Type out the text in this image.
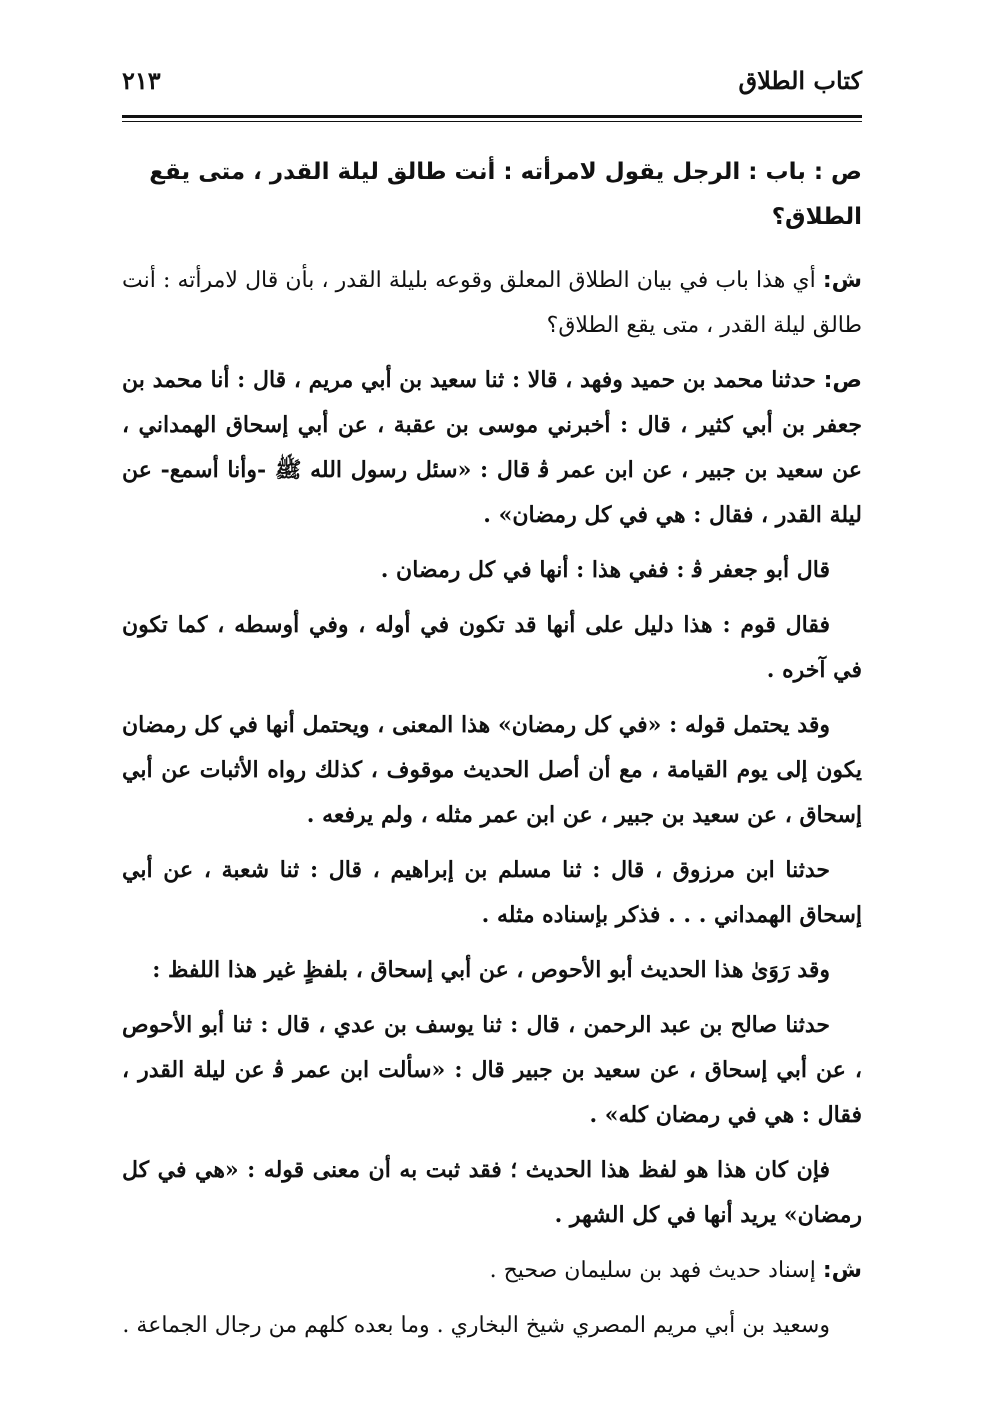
كتاب الطلاق
٢١٣

ص : باب : الرجل يقول لامرأته : أنت طالق ليلة القدر ، متى يقع الطلاق؟

ش: أي هذا باب في بيان الطلاق المعلق وقوعه بليلة القدر ، بأن قال لامرأته : أنت طالق ليلة القدر ، متى يقع الطلاق؟

ص: حدثنا محمد بن حميد وفهد ، قالا : ثنا سعيد بن أبي مريم ، قال : أنا محمد بن جعفر بن أبي كثير ، قال : أخبرني موسى بن عقبة ، عن أبي إسحاق الهمداني ، عن سعيد بن جبير ، عن ابن عمر ﭬ قال : «سئل رسول الله ﷺ -وأنا أسمع- عن ليلة القدر ، فقال : هي في كل رمضان» .

قال أبو جعفر ﭬ : ففي هذا : أنها في كل رمضان .

فقال قوم : هذا دليل على أنها قد تكون في أوله ، وفي أوسطه ، كما تكون في آخره .

وقد يحتمل قوله : «في كل رمضان» هذا المعنى ، ويحتمل أنها في كل رمضان يكون إلى يوم القيامة ، مع أن أصل الحديث موقوف ، كذلك رواه الأثبات عن أبي إسحاق ، عن سعيد بن جبير ، عن ابن عمر مثله ، ولم يرفعه .

حدثنا ابن مرزوق ، قال : ثنا مسلم بن إبراهيم ، قال : ثنا شعبة ، عن أبي إسحاق الهمداني . . . فذكر بإسناده مثله .

وقد رَوَىٰ هذا الحديث أبو الأحوص ، عن أبي إسحاق ، بلفظٍ غير هذا اللفظ :

حدثنا صالح بن عبد الرحمن ، قال : ثنا يوسف بن عدي ، قال : ثنا أبو الأحوص ، عن أبي إسحاق ، عن سعيد بن جبير قال : «سألت ابن عمر ﭬ عن ليلة القدر ، فقال : هي في رمضان كله» .

فإن كان هذا هو لفظ هذا الحديث ؛ فقد ثبت به أن معنى قوله : «هي في كل رمضان» يريد أنها في كل الشهر .

ش: إسناد حديث فهد بن سليمان صحيح .

وسعيد بن أبي مريم المصري شيخ البخاري . وما بعده كلهم من رجال الجماعة .
